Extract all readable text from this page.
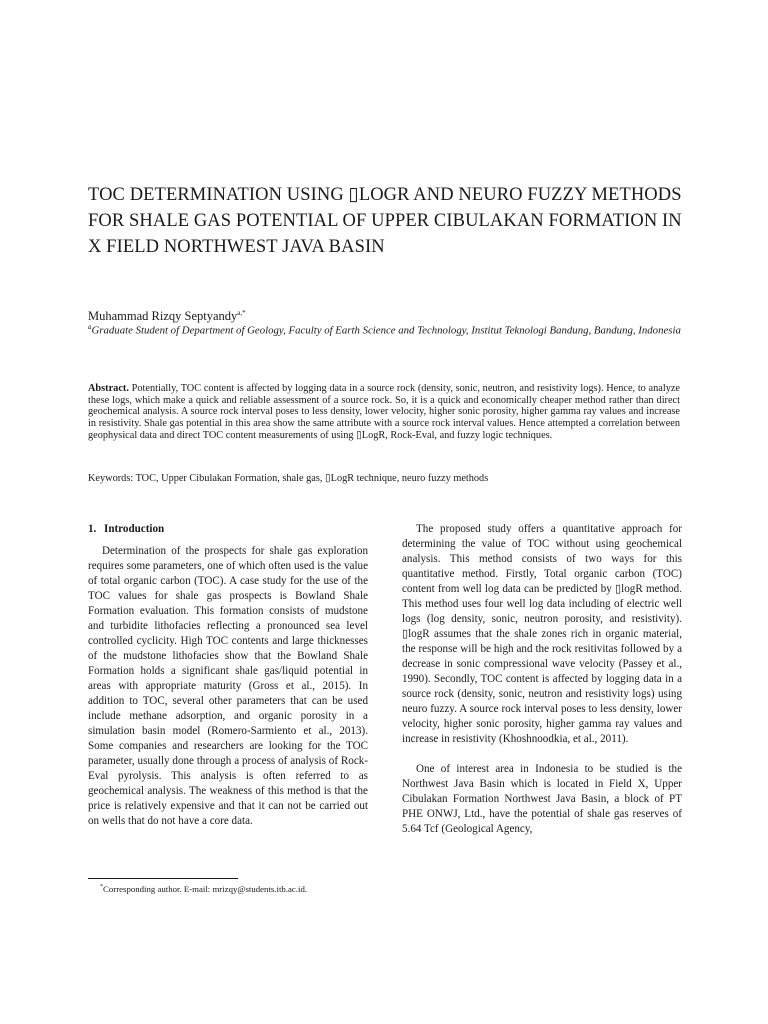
TOC DETERMINATION USING ▯LOGR AND NEURO FUZZY METHODS FOR SHALE GAS POTENTIAL OF UPPER CIBULAKAN FORMATION IN X FIELD NORTHWEST JAVA BASIN
Muhammad Rizqy Septyandy$^{a,*}$
$^a$Graduate Student of Department of Geology, Faculty of Earth Science and Technology, Institut Teknologi Bandung, Bandung, Indonesia
Abstract. Potentially, TOC content is affected by logging data in a source rock (density, sonic, neutron, and resistivity logs). Hence, to analyze these logs, which make a quick and reliable assessment of a source rock. So, it is a quick and economically cheaper method rather than direct geochemical analysis. A source rock interval poses to less density, lower velocity, higher sonic porosity, higher gamma ray values and increase in resistivity. Shale gas potential in this area show the same attribute with a source rock interval values. Hence attempted a correlation between geophysical data and direct TOC content measurements of using ▯LogR, Rock-Eval, and fuzzy logic techniques.
Keywords: TOC, Upper Cibulakan Formation, shale gas, ▯LogR technique, neuro fuzzy methods
1. Introduction

Determination of the prospects for shale gas exploration requires some parameters, one of which often used is the value of total organic carbon (TOC). A case study for the use of the TOC values for shale gas prospects is Bowland Shale Formation evaluation. This formation consists of mudstone and turbidite lithofacies reflecting a pronounced sea level controlled cyclicity. High TOC contents and large thicknesses of the mudstone lithofacies show that the Bowland Shale Formation holds a significant shale gas/liquid potential in areas with appropriate maturity (Gross et al., 2015). In addition to TOC, several other parameters that can be used include methane adsorption, and organic porosity in a simulation basin model (Romero-Sarmiento et al., 2013). Some companies and researchers are looking for the TOC parameter, usually done through a process of analysis of Rock-Eval pyrolysis. This analysis is often referred to as geochemical analysis. The weakness of this method is that the price is relatively expensive and that it can not be carried out on wells that do not have a core data.

The proposed study offers a quantitative approach for determining the value of TOC without using geochemical analysis. This method consists of two ways for this quantitative method. Firstly, Total organic carbon (TOC) content from well log data can be predicted by ▯logR method. This method uses four well log data including of electric well logs (log density, sonic, neutron porosity, and resistivity). ▯logR assumes that the shale zones rich in organic material, the response will be high and the rock resitivitas followed by a decrease in sonic compressional wave velocity (Passey et al., 1990). Secondly, TOC content is affected by logging data in a source rock (density, sonic, neutron and resistivity logs) using neuro fuzzy. A source rock interval poses to less density, lower velocity, higher sonic porosity, higher gamma ray values and increase in resistivity (Khoshnoodkia, et al., 2011).

One of interest area in Indonesia to be studied is the Northwest Java Basin which is located in Field X, Upper Cibulakan Formation Northwest Java Basin, a block of PT PHE ONWJ, Ltd., have the potential of shale gas reserves of 5.64 Tcf (Geological Agency,

*Corresponding author. E-mail: mrizqy@students.itb.ac.id.
